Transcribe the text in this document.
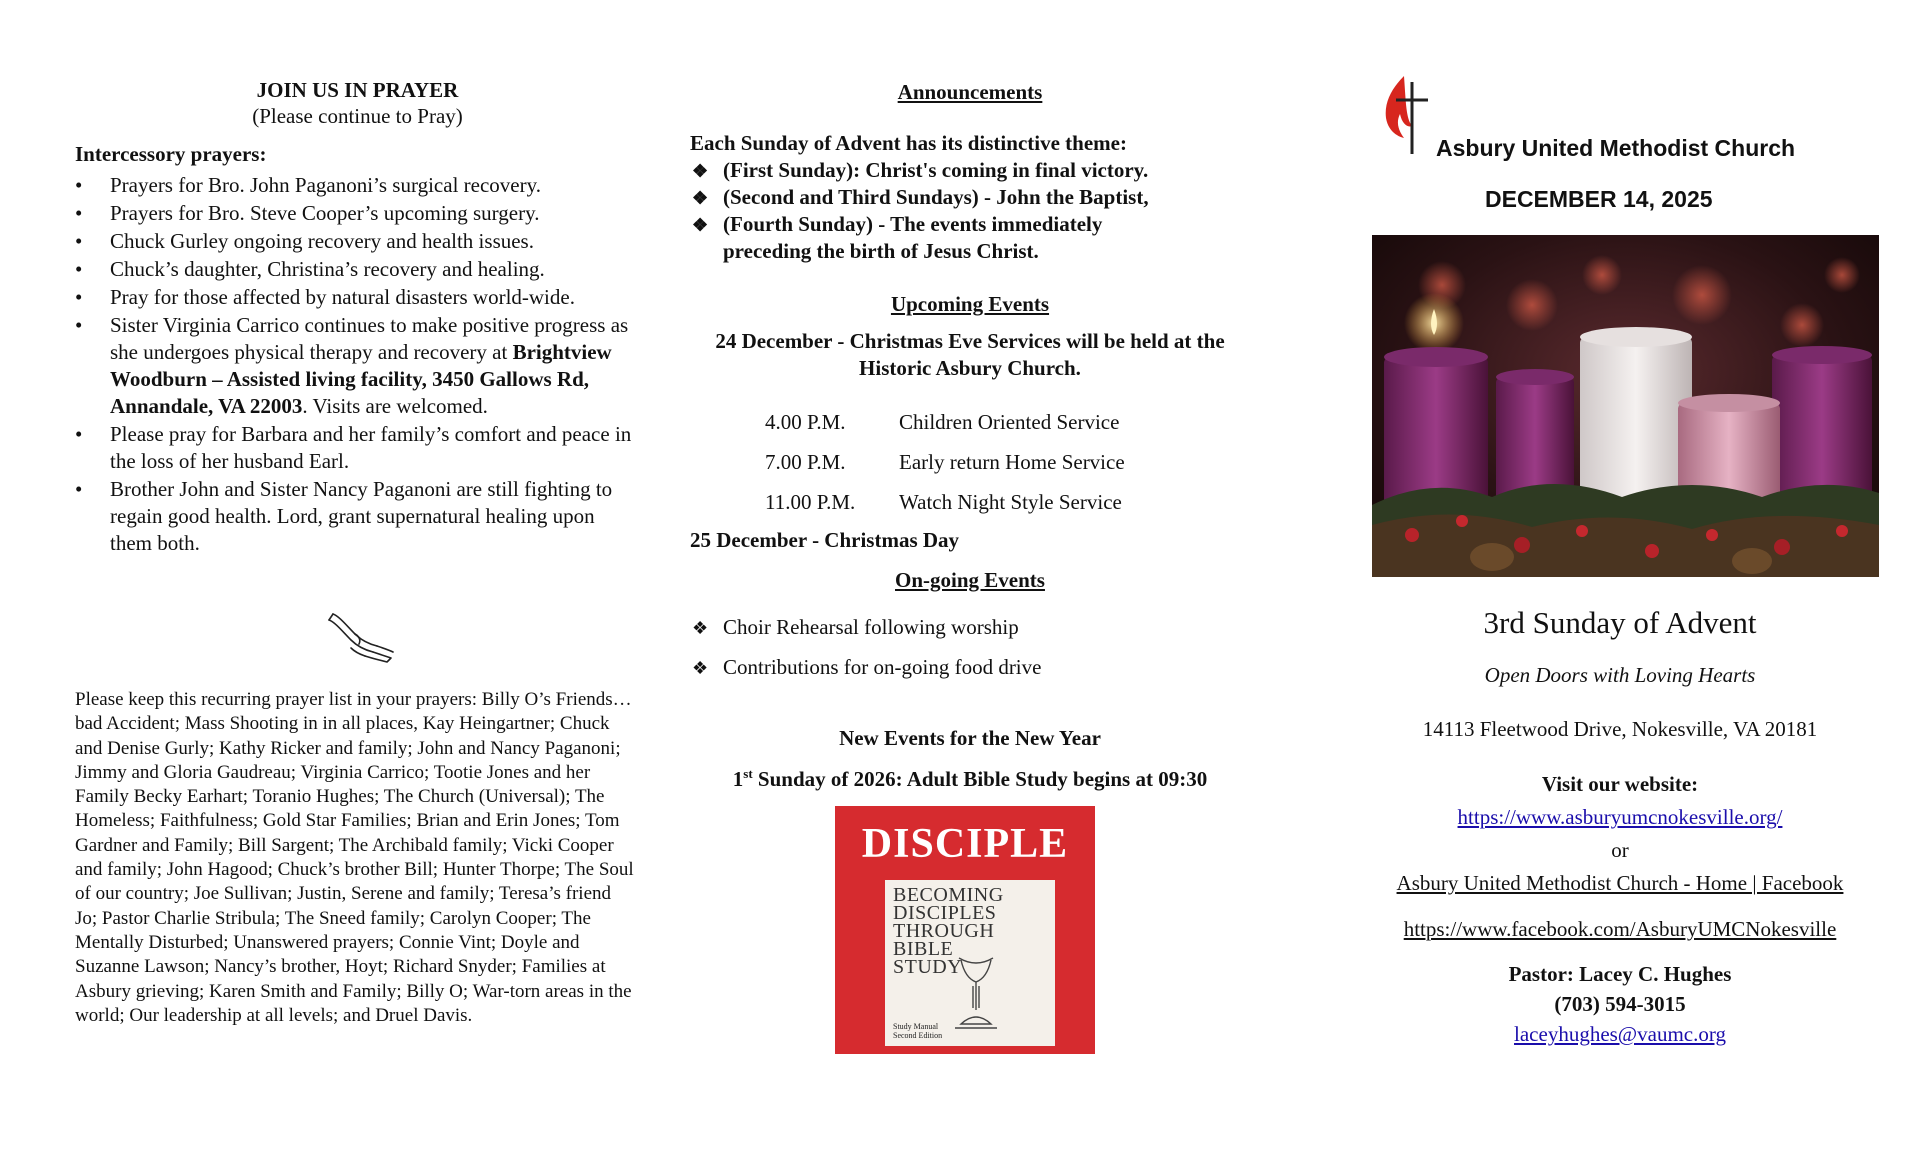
JOIN US IN PRAYER
(Please continue to Pray)
Intercessory prayers:
• Prayers for Bro. John Paganoni’s surgical recovery.
• Prayers for Bro. Steve Cooper’s upcoming surgery.
• Chuck Gurley ongoing recovery and health issues.
• Chuck’s daughter, Christina’s recovery and healing.
• Pray for those affected by natural disasters world-wide.
• Sister Virginia Carrico continues to make positive progress as she undergoes physical therapy and recovery at Brightview Woodburn – Assisted living facility, 3450 Gallows Rd, Annandale, VA 22003. Visits are welcomed.
• Please pray for Barbara and her family’s comfort and peace in the loss of her husband Earl.
• Brother John and Sister Nancy Paganoni are still fighting to regain good health. Lord, grant supernatural healing upon them both.

Please keep this recurring prayer list in your prayers: Billy O’s Friends…bad Accident; Mass Shooting in in all places, Kay Heingartner; Chuck and Denise Gurly; Kathy Ricker and family; John and Nancy Paganoni; Jimmy and Gloria Gaudreau; Virginia Carrico; Tootie Jones and her Family Becky Earhart; Toranio Hughes; The Church (Universal); The Homeless; Faithfulness; Gold Star Families; Brian and Erin Jones; Tom Gardner and Family; Bill Sargent; The Archibald family; Vicki Cooper and family; John Hagood; Chuck’s brother Bill; Hunter Thorpe; The Soul of our country; Joe Sullivan; Justin, Serene and family; Teresa’s friend Jo; Pastor Charlie Stribula; The Sneed family; Carolyn Cooper; The Mentally Disturbed; Unanswered prayers; Connie Vint; Doyle and Suzanne Lawson; Nancy’s brother, Hoyt; Richard Snyder; Families at Asbury grieving; Karen Smith and Family; Billy O; War-torn areas in the world; Our leadership at all levels; and Druel Davis.

Announcements
Each Sunday of Advent has its distinctive theme:
❖ (First Sunday): Christ's coming in final victory.
❖ (Second and Third Sundays) - John the Baptist,
❖ (Fourth Sunday) - The events immediately preceding the birth of Jesus Christ.
Upcoming Events
24 December - Christmas Eve Services will be held at the Historic Asbury Church.
4.00 P.M.	Children Oriented Service
7.00 P.M.	Early return Home Service
11.00 P.M. Watch Night Style Service
25 December - Christmas Day
On-going Events
❖ Choir Rehearsal following worship
❖ Contributions for on-going food drive
New Events for the New Year
1st Sunday of 2026: Adult Bible Study begins at 09:30
DISCIPLE
BECOMING
DISCIPLES
THROUGH
BIBLE
STUDY
Study Manual
Second Edition
Asbury United Methodist Church
DECEMBER 14, 2025
3rd Sunday of Advent
Open Doors with Loving Hearts
14113 Fleetwood Drive, Nokesville, VA 20181
Visit our website:
https://www.asburyumcnokesville.org/
or
Asbury United Methodist Church - Home | Facebook
https://www.facebook.com/AsburyUMCNokesville
Pastor: Lacey C. Hughes
(703) 594-3015
laceyhughes@vaumc.org
